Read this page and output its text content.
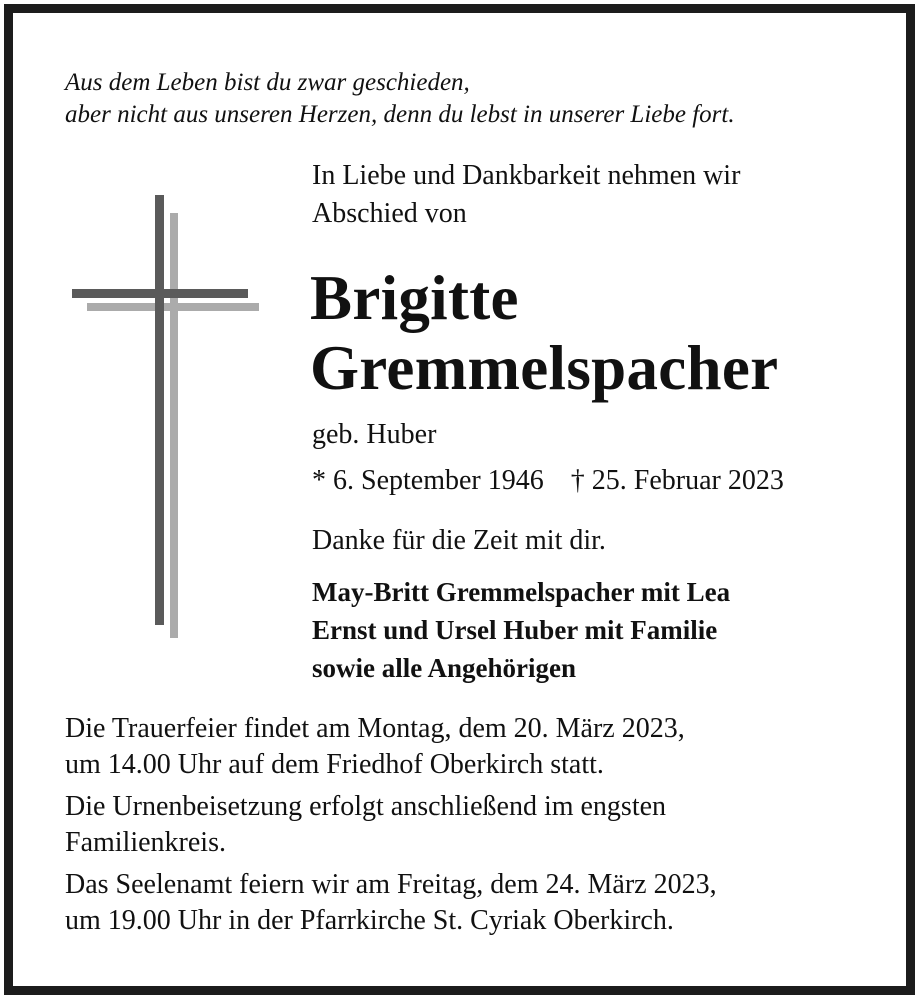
Aus dem Leben bist du zwar geschieden,
aber nicht aus unseren Herzen, denn du lebst in unserer Liebe fort.
In Liebe und Dankbarkeit nehmen wir
Abschied von
Brigitte
Gremmelspacher
geb. Huber
* 6. September 1946 † 25. Februar 2023
Danke für die Zeit mit dir.
May-Britt Gremmelspacher mit Lea
Ernst und Ursel Huber mit Familie
sowie alle Angehörigen

Die Trauerfeier findet am Montag, dem 20. März 2023,
um 14.00 Uhr auf dem Friedhof Oberkirch statt.

Die Urnenbeisetzung erfolgt anschließend im engsten
Familienkreis.

Das Seelenamt feiern wir am Freitag, dem 24. März 2023,
um 19.00 Uhr in der Pfarrkirche St. Cyriak Oberkirch.
